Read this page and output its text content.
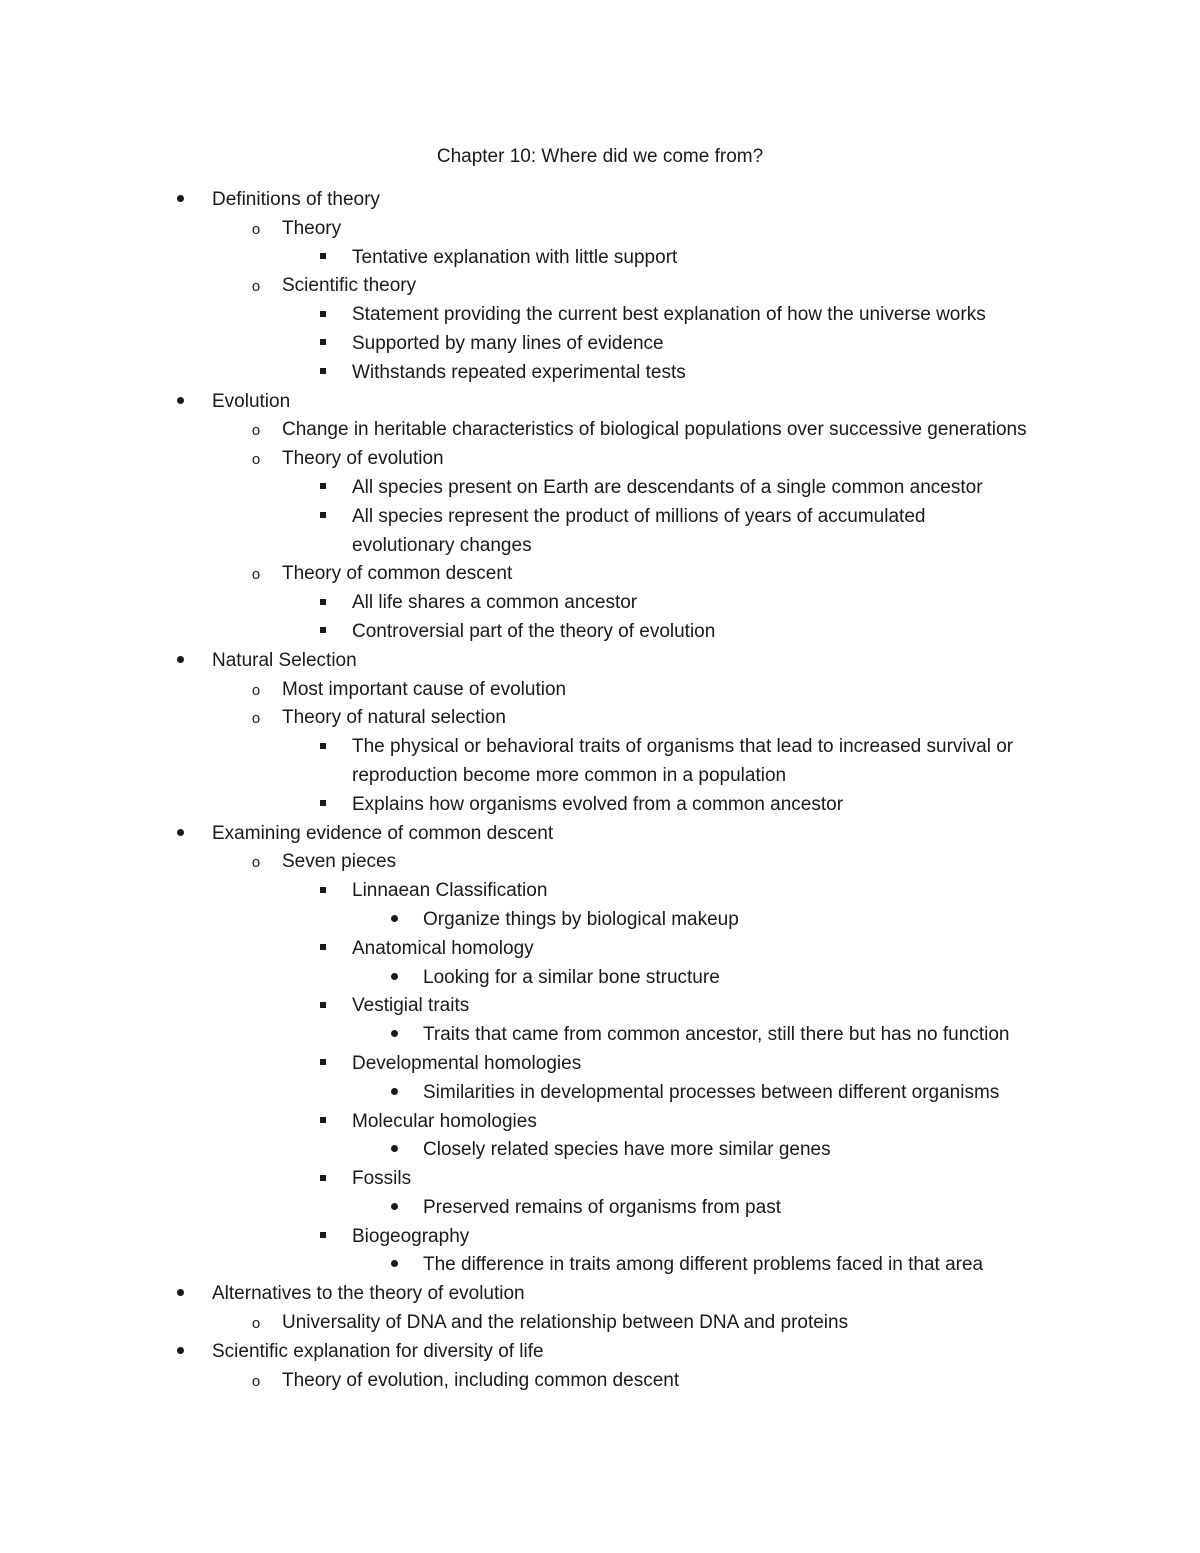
Chapter 10: Where did we come from?
Definitions of theory
o	Theory
Tentative explanation with little support
o	Scientific theory
Statement providing the current best explanation of how the universe works
Supported by many lines of evidence
Withstands repeated experimental tests
Evolution
o	Change in heritable characteristics of biological populations over successive generations
o	Theory of evolution
All species present on Earth are descendants of a single common ancestor
All species represent the product of millions of years of accumulated
evolutionary changes
o	Theory of common descent
All life shares a common ancestor
Controversial part of the theory of evolution
Natural Selection
o	Most important cause of evolution
o	Theory of natural selection
The physical or behavioral traits of organisms that lead to increased survival or
reproduction become more common in a population
Explains how organisms evolved from a common ancestor
Examining evidence of common descent
o	Seven pieces
Linnaean Classification
Organize things by biological makeup
Anatomical homology
Looking for a similar bone structure
Vestigial traits
Traits that came from common ancestor, still there but has no function
Developmental homologies
Similarities in developmental processes between different organisms
Molecular homologies
Closely related species have more similar genes
Fossils
Preserved remains of organisms from past
Biogeography
The difference in traits among different problems faced in that area
Alternatives to the theory of evolution
o	Universality of DNA and the relationship between DNA and proteins
Scientific explanation for diversity of life
o	Theory of evolution, including common descent
